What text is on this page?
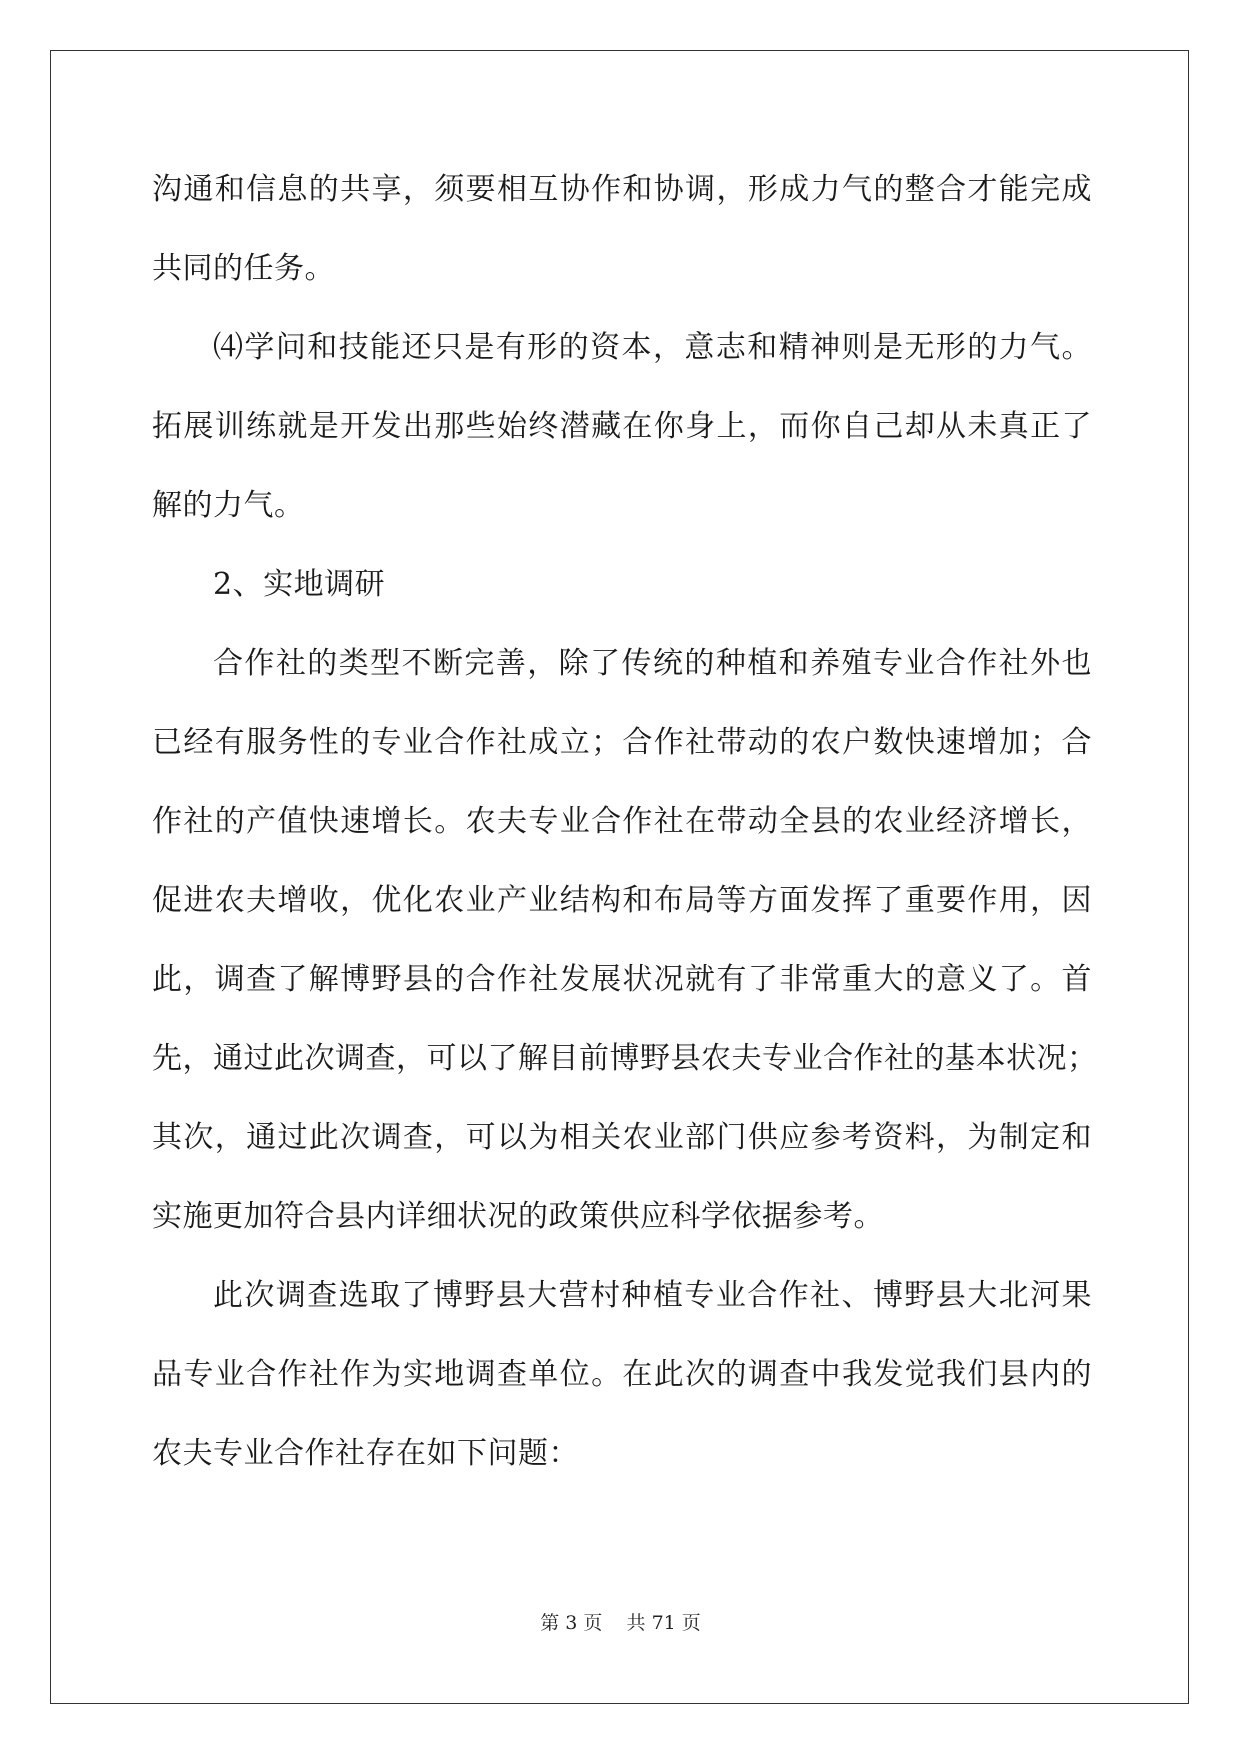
沟通和信息的共享，须要相互协作和协调，形成力气的整合才能完成
共同的任务。
⑷学问和技能还只是有形的资本，意志和精神则是无形的力气。
拓展训练就是开发出那些始终潜藏在你身上，而你自己却从未真正了
解的力气。
2、实地调研
合作社的类型不断完善，除了传统的种植和养殖专业合作社外也
已经有服务性的专业合作社成立；合作社带动的农户数快速增加；合
作社的产值快速增长。农夫专业合作社在带动全县的农业经济增长，
促进农夫增收，优化农业产业结构和布局等方面发挥了重要作用，因
此，调查了解博野县的合作社发展状况就有了非常重大的意义了。首
先，通过此次调查，可以了解目前博野县农夫专业合作社的基本状况；
其次，通过此次调查，可以为相关农业部门供应参考资料，为制定和
实施更加符合县内详细状况的政策供应科学依据参考。
此次调查选取了博野县大营村种植专业合作社、博野县大北河果
品专业合作社作为实地调查单位。在此次的调查中我发觉我们县内的
农夫专业合作社存在如下问题：
第 3 页 共 71 页
